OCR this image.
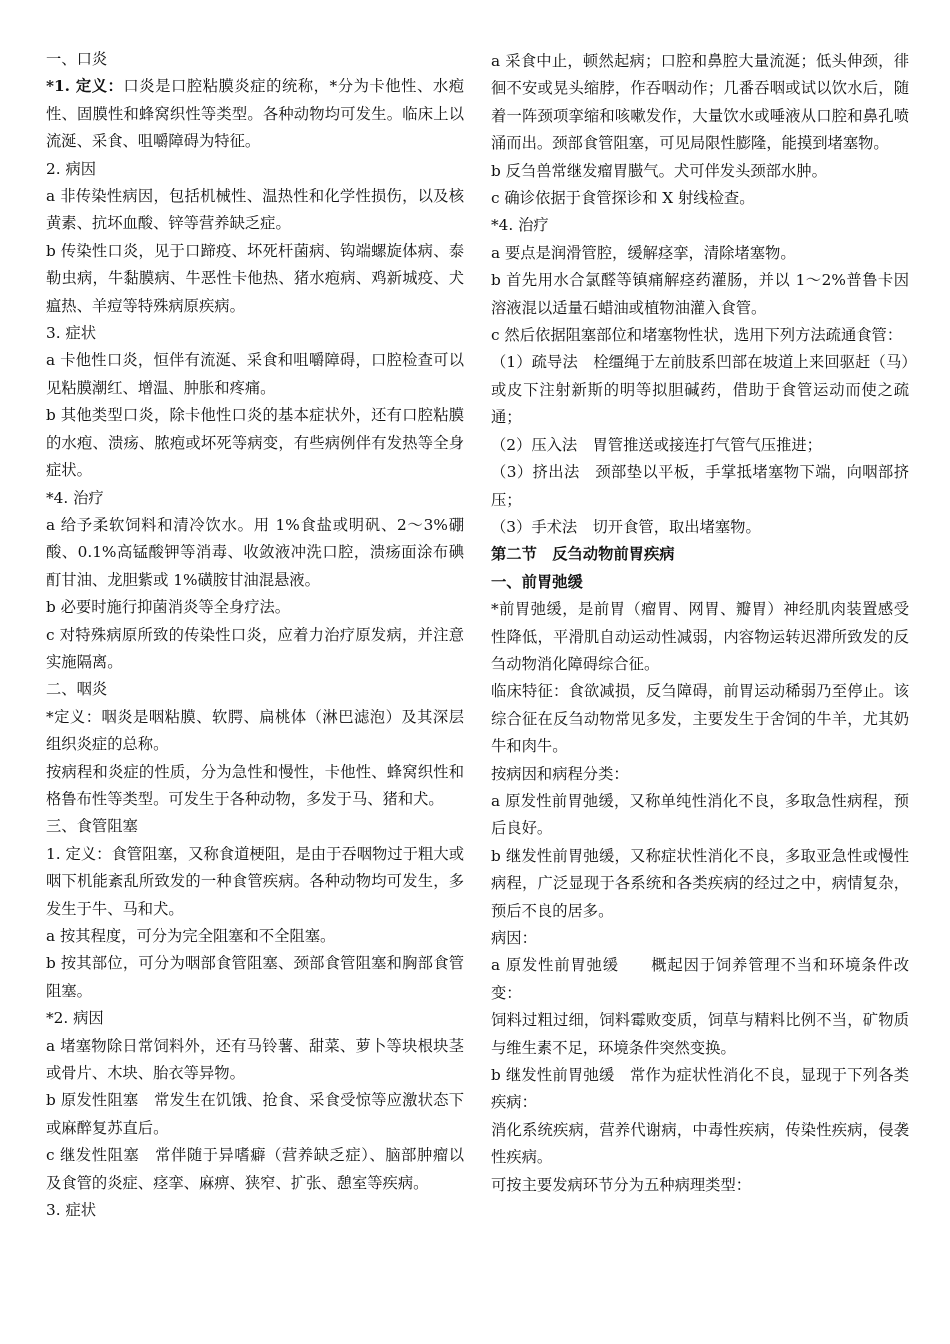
一、口炎

*1. 定义：口炎是口腔粘膜炎症的统称，*分为卡他性、水疱性、固膜性和蜂窝织性等类型。各种动物均可发生。临床上以流涎、采食、咀嚼障碍为特征。

2. 病因

a 非传染性病因，包括机械性、温热性和化学性损伤，以及核黄素、抗坏血酸、锌等营养缺乏症。

b 传染性口炎，见于口蹄疫、坏死杆菌病、钩端螺旋体病、泰勒虫病，牛黏膜病、牛恶性卡他热、猪水疱病、鸡新城疫、犬瘟热、羊痘等特殊病原疾病。

3. 症状

a 卡他性口炎，恒伴有流涎、采食和咀嚼障碍，口腔检查可以见粘膜潮红、增温、肿胀和疼痛。

b 其他类型口炎，除卡他性口炎的基本症状外，还有口腔粘膜的水疱、溃疡、脓疱或坏死等病变，有些病例伴有发热等全身症状。

*4. 治疗

a 给予柔软饲料和清冷饮水。用 1%食盐或明矾、2～3%硼酸、0.1%高锰酸钾等消毒、收敛液冲洗口腔，溃疡面涂布碘酊甘油、龙胆紫或 1%磺胺甘油混悬液。

b 必要时施行抑菌消炎等全身疗法。

c 对特殊病原所致的传染性口炎，应着力治疗原发病，并注意实施隔离。

二、咽炎

*定义：咽炎是咽粘膜、软腭、扁桃体（淋巴滤泡）及其深层组织炎症的总称。

按病程和炎症的性质，分为急性和慢性，卡他性、蜂窝织性和格鲁布性等类型。可发生于各种动物，多发于马、猪和犬。

三、食管阻塞

1. 定义：食管阻塞，又称食道梗阻，是由于吞咽物过于粗大或咽下机能紊乱所致发的一种食管疾病。各种动物均可发生，多发生于牛、马和犬。

a 按其程度，可分为完全阻塞和不全阻塞。

b 按其部位，可分为咽部食管阻塞、颈部食管阻塞和胸部食管阻塞。

*2. 病因

a 堵塞物除日常饲料外，还有马铃薯、甜菜、萝卜等块根块茎或骨片、木块、胎衣等异物。

b 原发性阻塞　常发生在饥饿、抢食、采食受惊等应激状态下或麻醉复苏直后。

c 继发性阻塞　常伴随于异嗜癖（营养缺乏症）、脑部肿瘤以及食管的炎症、痉挛、麻痹、狭窄、扩张、憩室等疾病。

3. 症状

a 采食中止，顿然起病；口腔和鼻腔大量流涎；低头伸颈，徘徊不安或晃头缩脖，作吞咽动作；几番吞咽或试以饮水后，随着一阵颈项挛缩和咳嗽发作，大量饮水或唾液从口腔和鼻孔喷涌而出。颈部食管阻塞，可见局限性膨隆，能摸到堵塞物。

b 反刍兽常继发瘤胃臌气。犬可伴发头颈部水肿。

c 确诊依据于食管探诊和 X 射线检查。

*4. 治疗

a 要点是润滑管腔，缓解痉挛，清除堵塞物。

b 首先用水合氯醛等镇痛解痉药灌肠，并以 1～2%普鲁卡因溶液混以适量石蜡油或植物油灌入食管。

c 然后依据阻塞部位和堵塞物性状，选用下列方法疏通食管：

（1）疏导法　栓缰绳于左前肢系凹部在坡道上来回驱赶（马）或皮下注射新斯的明等拟胆碱药，借助于食管运动而使之疏通；

（2）压入法　胃管推送或接连打气管气压推进；

（3）挤出法　颈部垫以平板，手掌抵堵塞物下端，向咽部挤压；

（3）手术法　切开食管，取出堵塞物。

第二节　反刍动物前胃疾病

一、前胃弛缓

*前胃弛缓，是前胃（瘤胃、网胃、瓣胃）神经肌肉装置感受性降低，平滑肌自动运动性减弱，内容物运转迟滞所致发的反刍动物消化障碍综合征。

临床特征：食欲减损，反刍障碍，前胃运动稀弱乃至停止。该综合征在反刍动物常见多发，主要发生于舍饲的牛羊，尤其奶牛和肉牛。

按病因和病程分类：

a 原发性前胃弛缓，又称单纯性消化不良，多取急性病程，预后良好。

b 继发性前胃弛缓，又称症状性消化不良，多取亚急性或慢性病程，广泛显现于各系统和各类疾病的经过之中，病情复杂，预后不良的居多。

病因：

a 原发性前胃弛缓　　概起因于饲养管理不当和环境条件改变：

饲料过粗过细，饲料霉败变质，饲草与精料比例不当，矿物质与维生素不足，环境条件突然变换。

b 继发性前胃弛缓　常作为症状性消化不良，显现于下列各类疾病：

消化系统疾病，营养代谢病，中毒性疾病，传染性疾病，侵袭性疾病。

可按主要发病环节分为五种病理类型：
